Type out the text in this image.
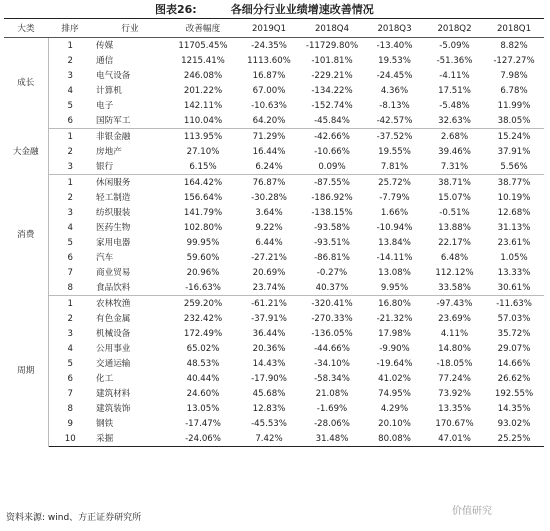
图表26:	各细分行业业绩增速改善情况
大类	排序	行业	改善幅度	2019Q1	2018Q4	2018Q3	2018Q2	2018Q1
成长	1	传媒	11705.45%	-24.35%	-11729.80%	-13.40%	-5.09%	8.82%
	2	通信	1215.41%	1113.60%	-101.81%	19.53%	-51.36%	-127.27%
	3	电气设备	246.08%	16.87%	-229.21%	-24.45%	-4.11%	7.98%
	4	计算机	201.22%	67.00%	-134.22%	4.36%	17.51%	6.78%
	5	电子	142.11%	-10.63%	-152.74%	-8.13%	-5.48%	11.99%
	6	国防军工	110.04%	64.20%	-45.84%	-42.57%	32.63%	38.05%
大金融	1	非银金融	113.95%	71.29%	-42.66%	-37.52%	2.68%	15.24%
	2	房地产	27.10%	16.44%	-10.66%	19.55%	39.46%	37.91%
	3	银行	6.15%	6.24%	0.09%	7.81%	7.31%	5.56%
消费	1	休闲服务	164.42%	76.87%	-87.55%	25.72%	38.71%	38.77%
	2	轻工制造	156.64%	-30.28%	-186.92%	-7.79%	15.07%	10.19%
	3	纺织服装	141.79%	3.64%	-138.15%	1.66%	-0.51%	12.68%
	4	医药生物	102.80%	9.22%	-93.58%	-10.94%	13.88%	31.13%
	5	家用电器	99.95%	6.44%	-93.51%	13.84%	22.17%	23.61%
	6	汽车	59.60%	-27.21%	-86.81%	-14.11%	6.48%	1.05%
	7	商业贸易	20.96%	20.69%	-0.27%	13.08%	112.12%	13.33%
	8	食品饮料	-16.63%	23.74%	40.37%	9.95%	33.58%	30.61%
周期	1	农林牧渔	259.20%	-61.21%	-320.41%	16.80%	-97.43%	-11.63%
	2	有色金属	232.42%	-37.91%	-270.33%	-21.32%	23.69%	57.03%
	3	机械设备	172.49%	36.44%	-136.05%	17.98%	4.11%	35.72%
	4	公用事业	65.02%	20.36%	-44.66%	-9.90%	14.80%	29.07%
	5	交通运输	48.53%	14.43%	-34.10%	-19.64%	-18.05%	14.66%
	6	化工	40.44%	-17.90%	-58.34%	41.02%	77.24%	26.62%
	7	建筑材料	24.60%	45.68%	21.08%	74.95%	73.92%	192.55%
	8	建筑装饰	13.05%	12.83%	-1.69%	4.29%	13.35%	14.35%
	9	钢铁	-17.47%	-45.53%	-28.06%	20.10%	170.67%	93.02%
	10	采掘	-24.06%	7.42%	31.48%	80.08%	47.01%	25.25%
资料来源: wind、方正证券研究所
价值研究
